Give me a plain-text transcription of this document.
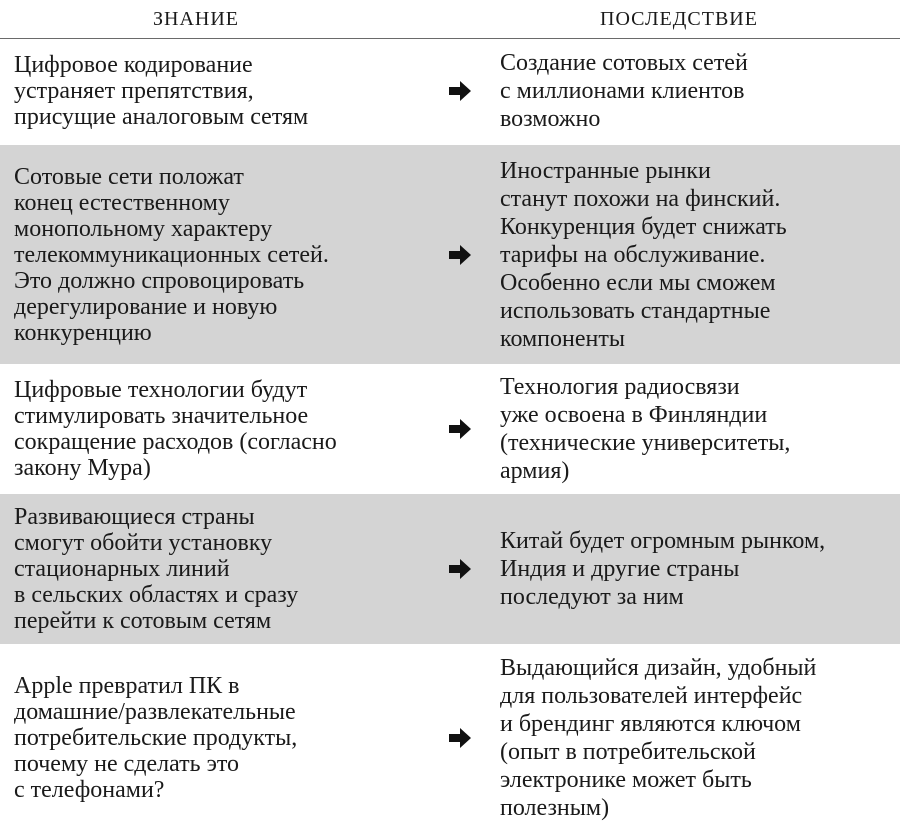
ЗНАНИЕ	ПОСЛЕДСТВИЕ
Цифровое кодирование
устраняет препятствия,
присущие аналоговым сетям
Создание сотовых сетей
с миллионами клиентов
возможно
Сотовые сети положат
конец естественному
монопольному характеру
телекоммуникационных сетей.
Это должно спровоцировать
дерегулирование и новую
конкуренцию
Иностранные рынки
станут похожи на финский.
Конкуренция будет снижать
тарифы на обслуживание.
Особенно если мы сможем
использовать стандартные
компоненты
Цифровые технологии будут
стимулировать значительное
сокращение расходов (согласно
закону Мура)
Технология радиосвязи
уже освоена в Финляндии
(технические университеты,
армия)
Развивающиеся страны
смогут обойти установку
стационарных линий
в сельских областях и сразу
перейти к сотовым сетям
Китай будет огромным рынком,
Индия и другие страны
последуют за ним
Apple превратил ПК в
домашние/развлекательные
потребительские продукты,
почему не сделать это
с телефонами?
Выдающийся дизайн, удобный
для пользователей интерфейс
и брендинг являются ключом
(опыт в потребительской
электронике может быть
полезным)
